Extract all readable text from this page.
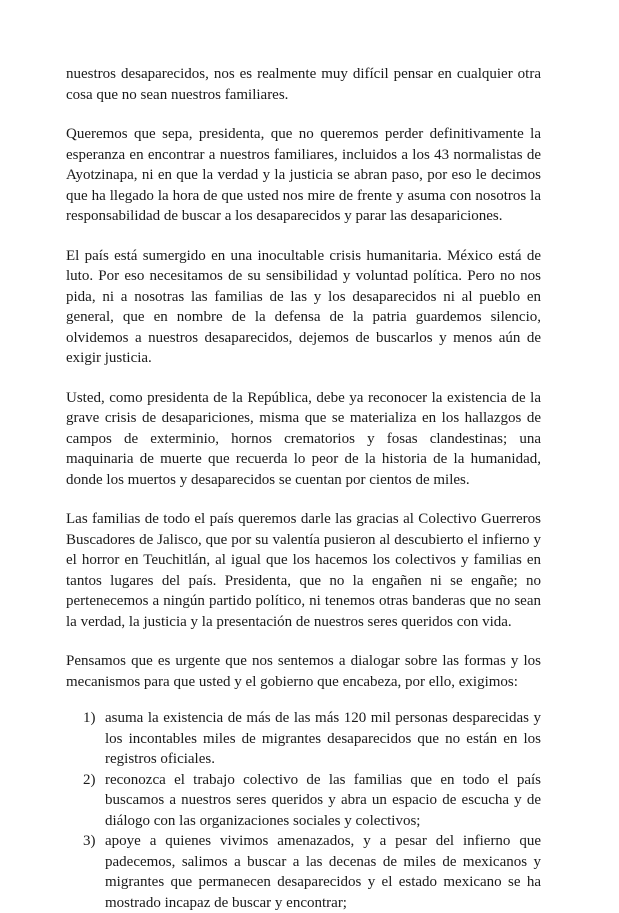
nuestros desaparecidos, nos es realmente muy difícil pensar en cualquier otra cosa que no sean nuestros familiares.

Queremos que sepa, presidenta, que no queremos perder definitivamente la esperanza en encontrar a nuestros familiares, incluidos a los 43 normalistas de Ayotzinapa, ni en que la verdad y la justicia se abran paso, por eso le decimos que ha llegado la hora de que usted nos mire de frente y asuma con nosotros la responsabilidad de buscar a los desaparecidos y parar las desapariciones.

El país está sumergido en una inocultable crisis humanitaria. México está de luto. Por eso necesitamos de su sensibilidad y voluntad política. Pero no nos pida, ni a nosotras las familias de las y los desaparecidos ni al pueblo en general, que en nombre de la defensa de la patria guardemos silencio, olvidemos a nuestros desaparecidos, dejemos de buscarlos y menos aún de exigir justicia.

Usted, como presidenta de la República, debe ya reconocer la existencia de la grave crisis de desapariciones, misma que se materializa en los hallazgos de campos de exterminio, hornos crematorios y fosas clandestinas; una maquinaria de muerte que recuerda lo peor de la historia de la humanidad, donde los muertos y desaparecidos se cuentan por cientos de miles.

Las familias de todo el país queremos darle las gracias al Colectivo Guerreros Buscadores de Jalisco, que por su valentía pusieron al descubierto el infierno y el horror en Teuchitlán, al igual que los hacemos los colectivos y familias en tantos lugares del país. Presidenta, que no la engañen ni se engañe; no pertenecemos a ningún partido político, ni tenemos otras banderas que no sean la verdad, la justicia y la presentación de nuestros seres queridos con vida.

Pensamos que es urgente que nos sentemos a dialogar sobre las formas y los mecanismos para que usted y el gobierno que encabeza, por ello, exigimos:

1) asuma la existencia de más de las más 120 mil personas desparecidas y los incontables miles de migrantes desaparecidos que no están en los registros oficiales.
2) reconozca el trabajo colectivo de las familias que en todo el país buscamos a nuestros seres queridos y abra un espacio de escucha y de diálogo con las organizaciones sociales y colectivos;
3) apoye a quienes vivimos amenazados, y a pesar del infierno que padecemos, salimos a buscar a las decenas de miles de mexicanos y migrantes que permanecen desaparecidos y el estado mexicano se ha mostrado incapaz de buscar y encontrar;
